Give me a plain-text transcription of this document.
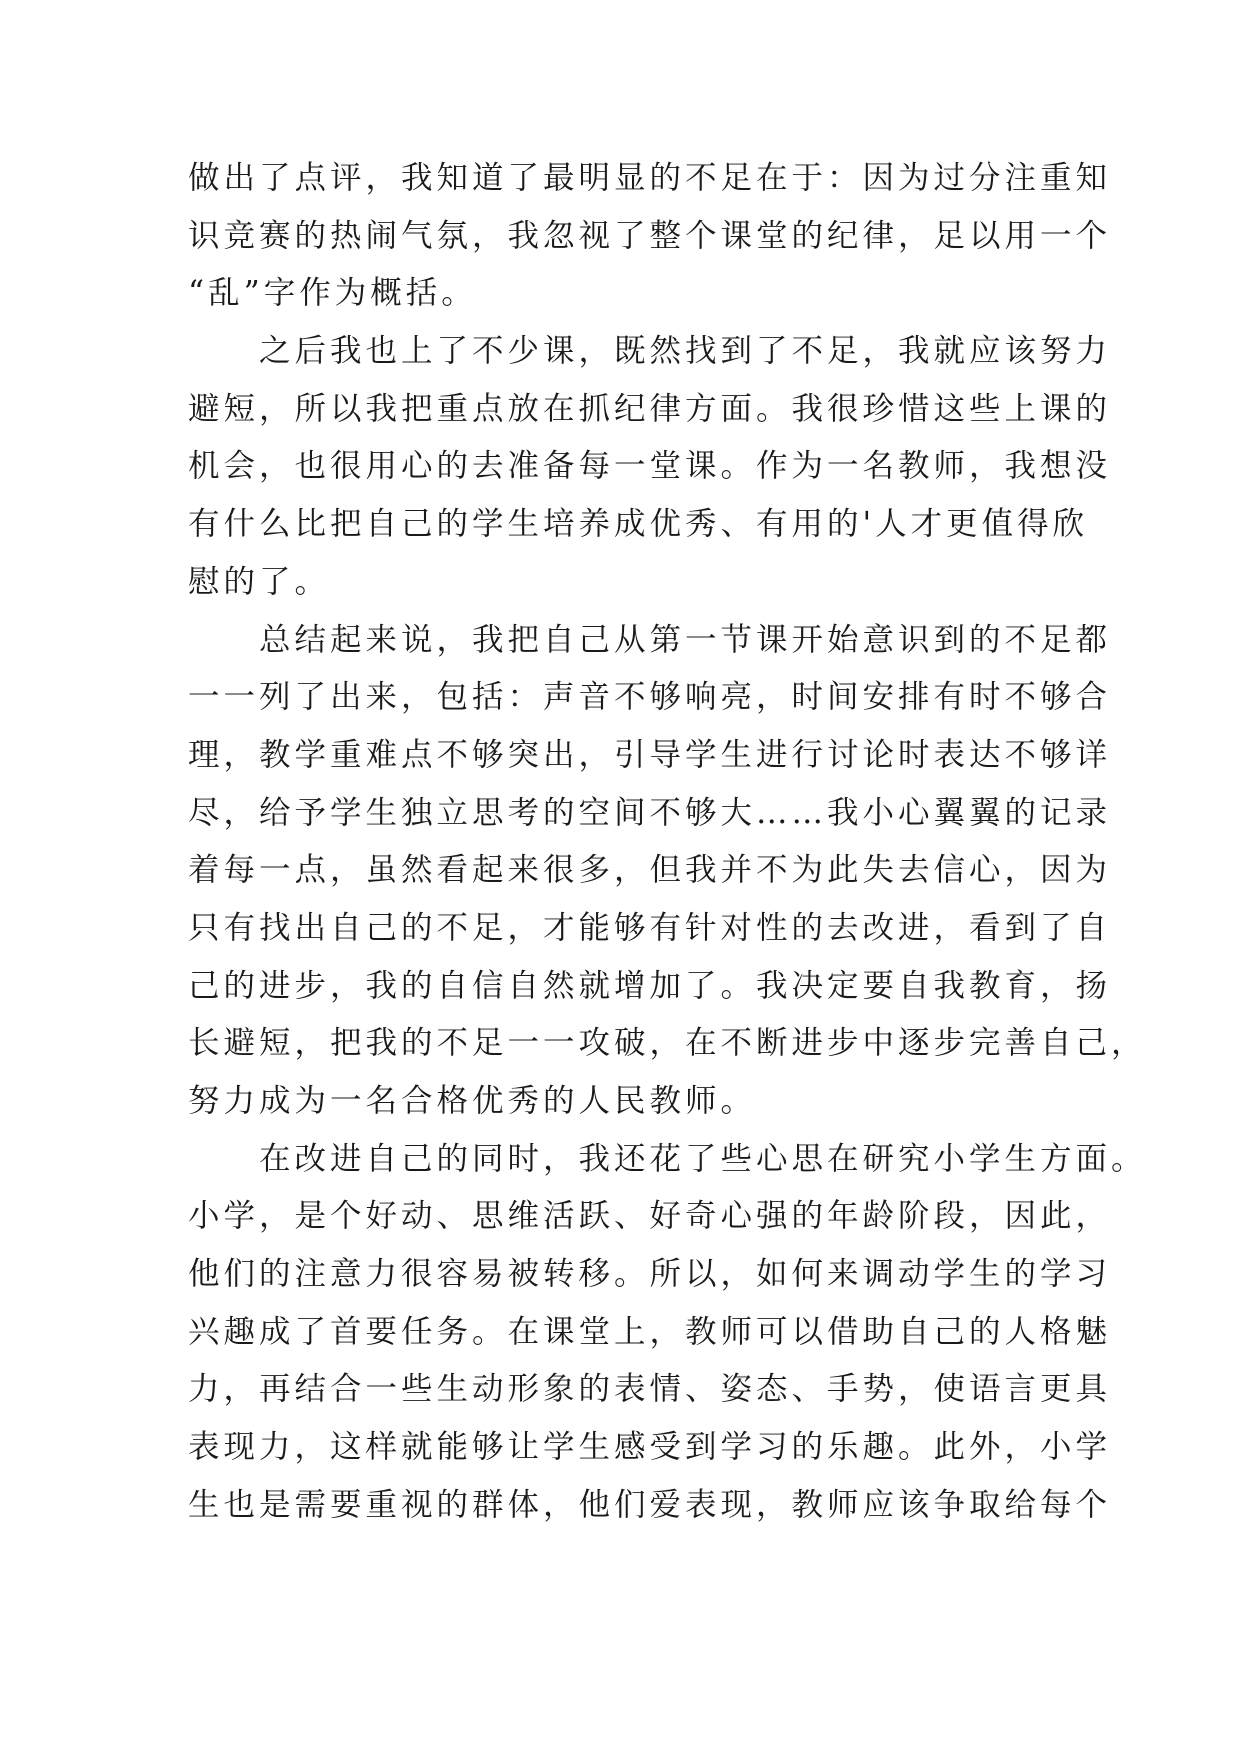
做出了点评，我知道了最明显的不足在于：因为过分注重知
识竞赛的热闹气氛，我忽视了整个课堂的纪律，足以用一个
“乱”字作为概括。
　　之后我也上了不少课，既然找到了不足，我就应该努力
避短，所以我把重点放在抓纪律方面。我很珍惜这些上课的
机会，也很用心的去准备每一堂课。作为一名教师，我想没
有什么比把自己的学生培养成优秀、有用的'人才更值得欣
慰的了。
　　总结起来说，我把自己从第一节课开始意识到的不足都
一一列了出来，包括：声音不够响亮，时间安排有时不够合
理，教学重难点不够突出，引导学生进行讨论时表达不够详
尽，给予学生独立思考的空间不够大……我小心翼翼的记录
着每一点，虽然看起来很多，但我并不为此失去信心，因为
只有找出自己的不足，才能够有针对性的去改进，看到了自
己的进步，我的自信自然就增加了。我决定要自我教育，扬
长避短，把我的不足一一攻破，在不断进步中逐步完善自己，
努力成为一名合格优秀的人民教师。
　　在改进自己的同时，我还花了些心思在研究小学生方面。
小学，是个好动、思维活跃、好奇心强的年龄阶段，因此，
他们的注意力很容易被转移。所以，如何来调动学生的学习
兴趣成了首要任务。在课堂上，教师可以借助自己的人格魅
力，再结合一些生动形象的表情、姿态、手势，使语言更具
表现力，这样就能够让学生感受到学习的乐趣。此外，小学
生也是需要重视的群体，他们爱表现，教师应该争取给每个
